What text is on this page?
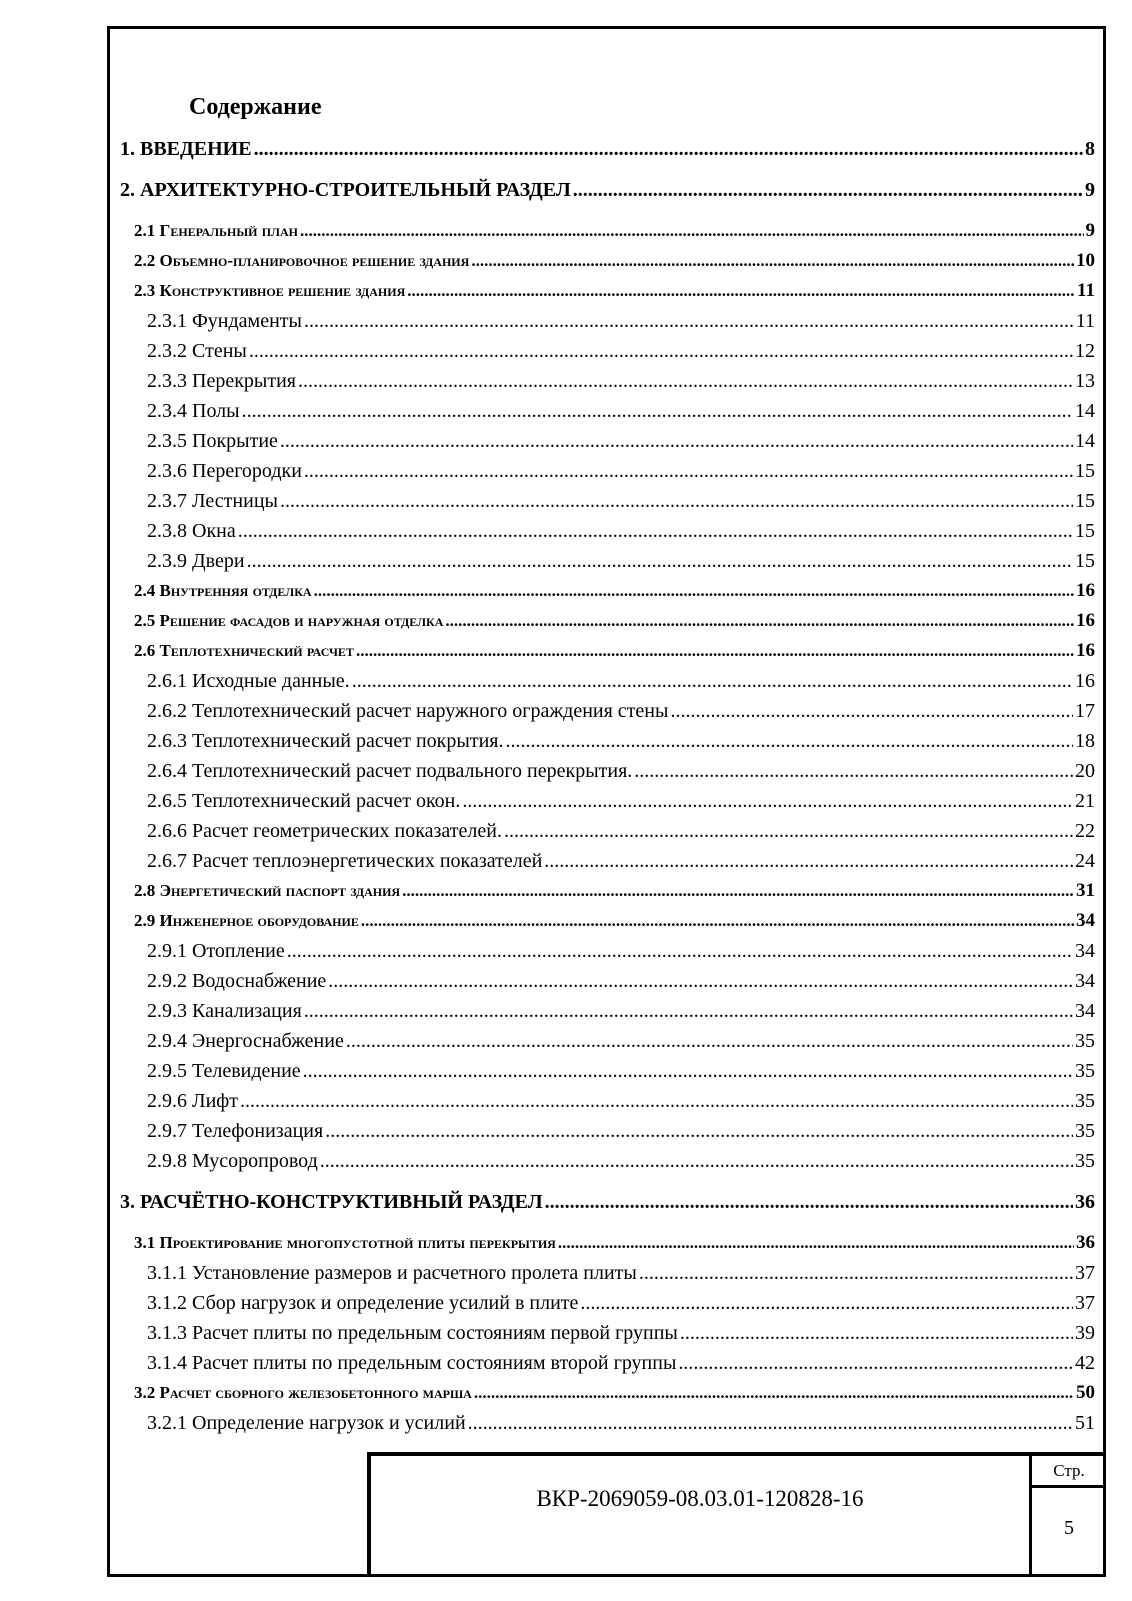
Содержание
1. ВВЕДЕНИЕ .....	8
2. АРХИТЕКТУРНО-СТРОИТЕЛЬНЫЙ РАЗДЕЛ .....	9
2.1 Генеральный план .....	9
2.2 Объемно-планировочное решение здания .....	10
2.3 Конструктивное решение здания .....	11
2.3.1 Фундаменты .....	11
2.3.2 Стены .....	12
2.3.3 Перекрытия .....	13
2.3.4 Полы .....	14
2.3.5 Покрытие .....	14
2.3.6 Перегородки .....	15
2.3.7 Лестницы .....	15
2.3.8 Окна .....	15
2.3.9 Двери .....	15
2.4 Внутренняя отделка .....	16
2.5 Решение фасадов и наружная отделка .....	16
2.6 Теплотехнический расчет .....	16
2.6.1 Исходные данные. .....	16
2.6.2 Теплотехнический расчет наружного ограждения стены .....	17
2.6.3 Теплотехнический расчет покрытия. .....	18
2.6.4 Теплотехнический расчет подвального перекрытия. .....	20
2.6.5 Теплотехнический расчет окон. .....	21
2.6.6 Расчет геометрических показателей. .....	22
2.6.7 Расчет теплоэнергетических показателей .....	24
2.8 Энергетический паспорт здания .....	31
2.9 Инженерное оборудование .....	34
2.9.1 Отопление .....	34
2.9.2 Водоснабжение .....	34
2.9.3 Канализация .....	34
2.9.4 Энергоснабжение .....	35
2.9.5 Телевидение .....	35
2.9.6 Лифт .....	35
2.9.7 Телефонизация .....	35
2.9.8 Мусоропровод .....	35
3. РАСЧЁТНО-КОНСТРУКТИВНЫЙ РАЗДЕЛ .....	36
3.1 Проектирование многопустотной плиты перекрытия .....	36
3.1.1 Установление размеров и расчетного пролета плиты .....	37
3.1.2 Сбор нагрузок и определение усилий в плите .....	37
3.1.3 Расчет плиты по предельным состояниям первой группы .....	39
3.1.4 Расчет плиты по предельным состояниям второй группы .....	42
3.2 Расчет сборного железобетонного марша .....	50
3.2.1 Определение нагрузок и усилий .....	51
ВКР-2069059-08.03.01-120828-16
Стр.
5
